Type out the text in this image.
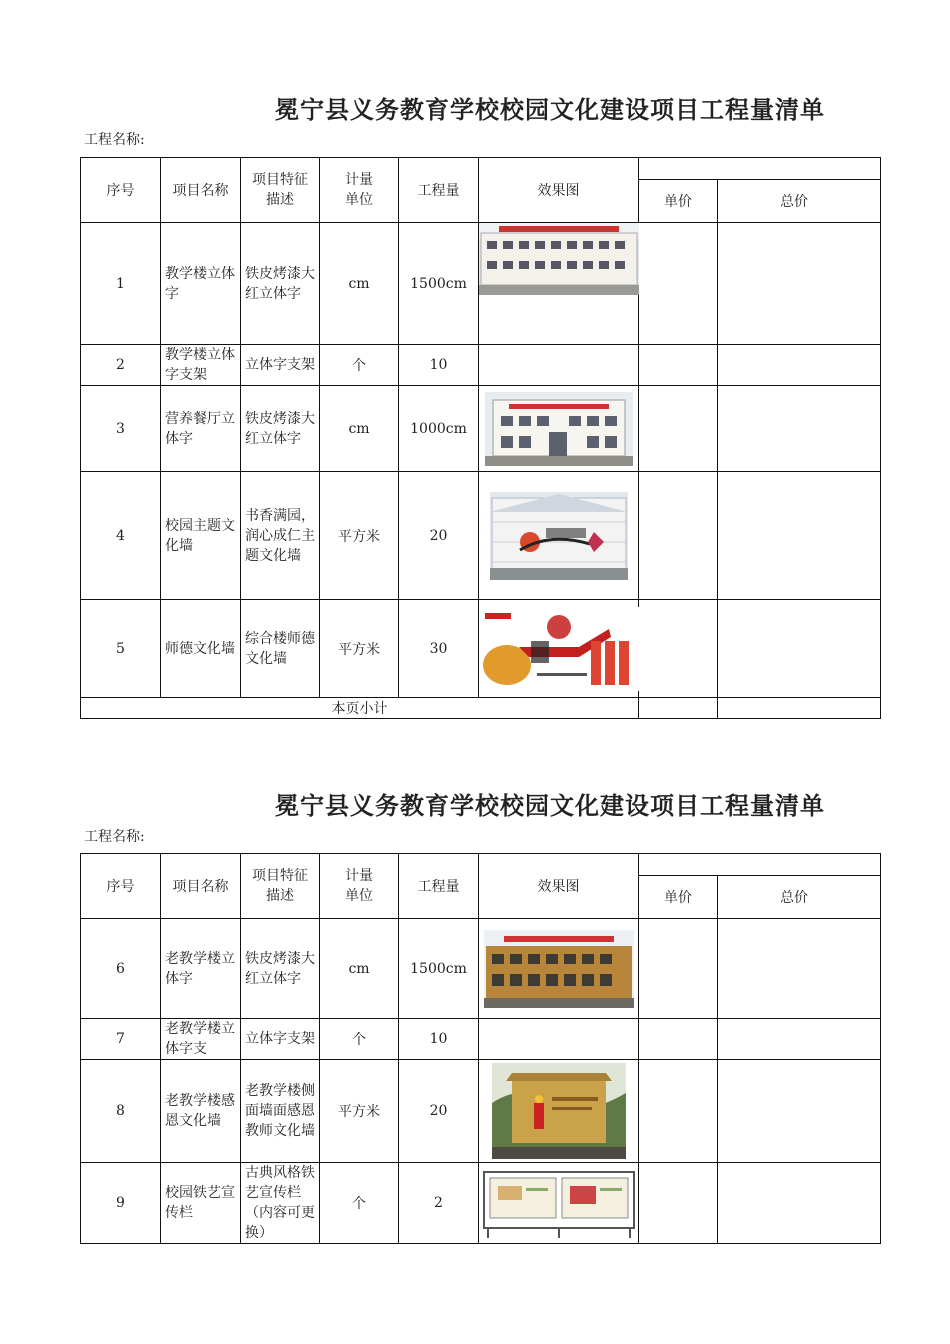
冕宁县义务教育学校校园文化建设项目工程量清单
工程名称:
序号	项目名称	项目特征描述	计量单位	工程量	效果图		
						单价	总价
1	教学楼立体字	铁皮烤漆大红立体字	cm	1500cm	

2	教学楼立体字支架	立体字支架	个	10			
3	营养餐厅立体字	铁皮烤漆大红立体字	cm	1000cm	

4	校园主题文化墙	书香满园，润心成仁主题文化墙	平方米	20	

5	师德文化墙	综合楼师德文化墙	平方米	30	

本页小计							
冕宁县义务教育学校校园文化建设项目工程量清单
工程名称:
序号	项目名称	项目特征描述	计量单位	工程量	效果图		
						单价	总价
6	老教学楼立体字	铁皮烤漆大红立体字	cm	1500cm	

7	老教学楼立体字支	立体字支架	个	10			
8	老教学楼感恩文化墙	老教学楼侧面墙面感恩教师文化墙	平方米	20	

9	校园铁艺宣传栏	古典风格铁艺宣传栏（内容可更换）	个	2	
